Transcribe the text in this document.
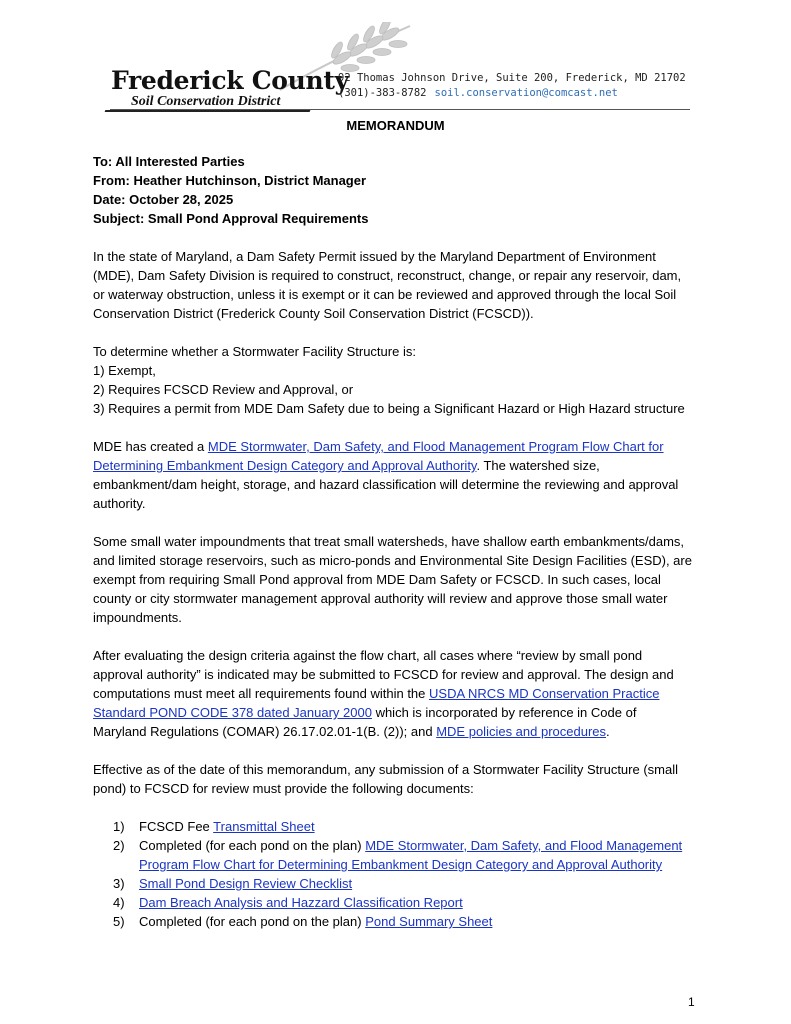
Frederick County
Soil Conservation District
92 Thomas Johnson Drive, Suite 200, Frederick, MD 21702
(301)-383-8782 soil.conservation@comcast.net
MEMORANDUM

To: All Interested Parties
From: Heather Hutchinson, District Manager
Date: October 28, 2025
Subject: Small Pond Approval Requirements

In the state of Maryland, a Dam Safety Permit issued by the Maryland Department of Environment (MDE), Dam Safety Division is required to construct, reconstruct, change, or repair any reservoir, dam, or waterway obstruction, unless it is exempt or it can be reviewed and approved through the local Soil Conservation District (Frederick County Soil Conservation District (FCSCD)).

To determine whether a Stormwater Facility Structure is:
1) Exempt,
2) Requires FCSCD Review and Approval, or
3) Requires a permit from MDE Dam Safety due to being a Significant Hazard or High Hazard structure

MDE has created a MDE Stormwater, Dam Safety, and Flood Management Program Flow Chart for Determining Embankment Design Category and Approval Authority. The watershed size, embankment/dam height, storage, and hazard classification will determine the reviewing and approval authority.

Some small water impoundments that treat small watersheds, have shallow earth embankments/dams, and limited storage reservoirs, such as micro-ponds and Environmental Site Design Facilities (ESD), are exempt from requiring Small Pond approval from MDE Dam Safety or FCSCD. In such cases, local county or city stormwater management approval authority will review and approve those small water impoundments.

After evaluating the design criteria against the flow chart, all cases where “review by small pond approval authority” is indicated may be submitted to FCSCD for review and approval. The design and computations must meet all requirements found within the USDA NRCS MD Conservation Practice Standard POND CODE 378 dated January 2000 which is incorporated by reference in Code of Maryland Regulations (COMAR) 26.17.02.01-1(B. (2)); and MDE policies and procedures.

Effective as of the date of this memorandum, any submission of a Stormwater Facility Structure (small pond) to FCSCD for review must provide the following documents:

1) FCSCD Fee Transmittal Sheet
2) Completed (for each pond on the plan) MDE Stormwater, Dam Safety, and Flood Management Program Flow Chart for Determining Embankment Design Category and Approval Authority
3) Small Pond Design Review Checklist
4) Dam Breach Analysis and Hazzard Classification Report
5) Completed (for each pond on the plan) Pond Summary Sheet
1
